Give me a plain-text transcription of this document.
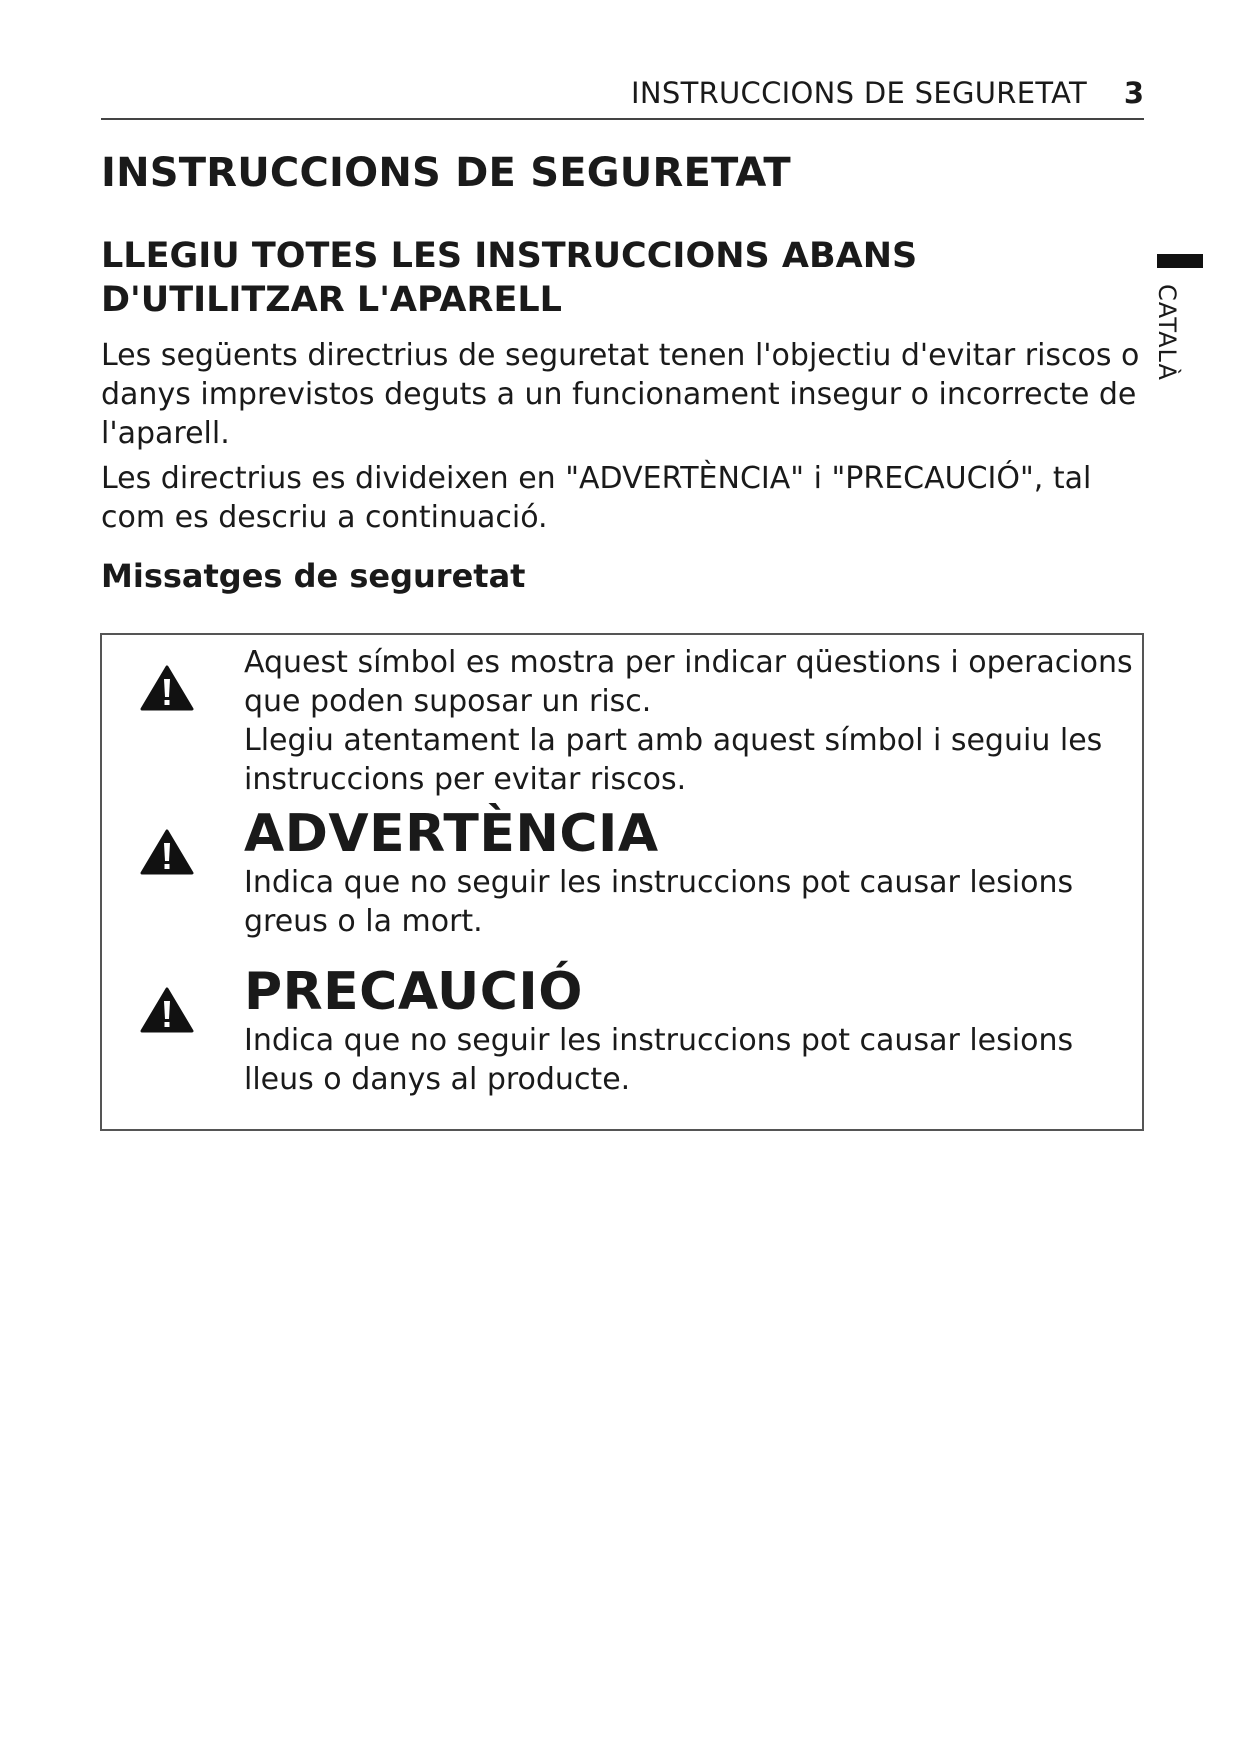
INSTRUCCIONS DE SEGURETAT 3
INSTRUCCIONS DE SEGURETAT
CATALÀ
LLEGIU TOTES LES INSTRUCCIONS ABANS D'UTILITZAR L'APARELL

Les següents directrius de seguretat tenen l'objectiu d'evitar riscos o danys imprevistos deguts a un funcionament insegur o incorrecte de l'aparell.

Les directrius es divideixen en "ADVERTÈNCIA" i "PRECAUCIÓ", tal com es descriu a continuació.

Missatges de seguretat

Aquest símbol es mostra per indicar qüestions i operacions que poden suposar un risc.

Llegiu atentament la part amb aquest símbol i seguiu les instruccions per evitar riscos.

ADVERTÈNCIA

Indica que no seguir les instruccions pot causar lesions greus o la mort.

PRECAUCIÓ

Indica que no seguir les instruccions pot causar lesions lleus o danys al producte.
